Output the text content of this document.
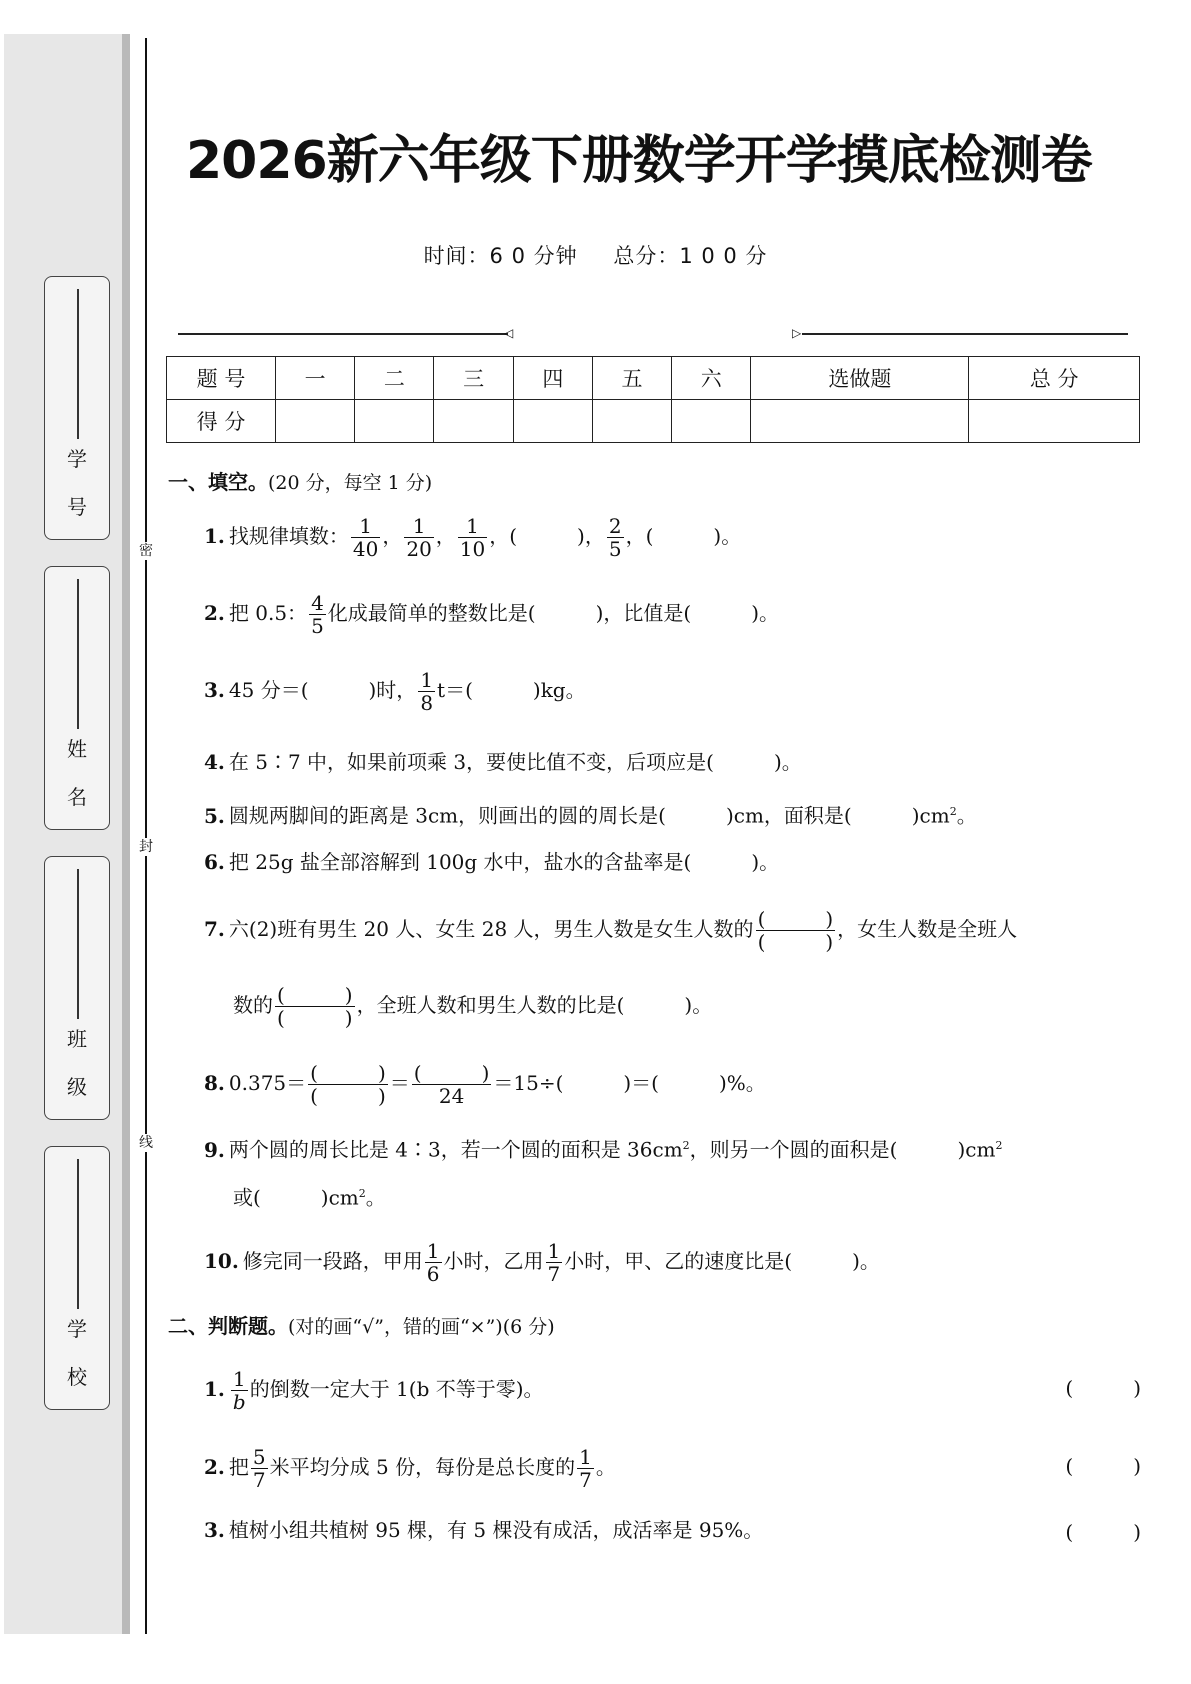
学

号
姓

名
班

级
学

校
密
封
线
2026新六年级下册数学开学摸底检测卷
时间：6 0 分钟 总分：1 0 0 分
◁	▷
题 号	一	二	三	四	五	六	选做题	总 分
得 分								
一、填空。(20 分，每空 1 分)
1. 找规律填数： $\frac{1}{40}$ ， $\frac{1}{20}$ ， $\frac{1}{10}$ ，(　　　)， $\frac{2}{5}$ ，(　　　)。
2. 把 0.5： $\frac{4}{5}$ 化成最简单的整数比是(　　　)，比值是(　　　)。
3. 45 分＝(　　　)时， $\frac{1}{8} t=$(　　　)kg。
4. 在 5∶7 中，如果前项乘 3，要使比值不变，后项应是(　　　)。
5. 圆规两脚间的距离是 3cm，则画出的圆的周长是(　　　)cm，面积是(　　　)$cm^2$。
6. 把 25g 盐全部溶解到 100g 水中，盐水的含盐率是(　　　)。
7. 六(2)班有男生 20 人、女生 28 人，男生人数是女生人数的 $\frac{( )}{( )}$ ，女生人数是全班人
数的 $\frac{( )}{( )}$ ，全班人数和男生人数的比是(　　　)。
8. $0.375= \frac{( )}{( )} = \frac{( )}{24} =15\div$(　　　)＝(　　　)%。
9. 两个圆的周长比是 4∶3，若一个圆的面积是 $36cm^2$，则另一个圆的面积是(　　　)$cm^2$
或(　　　)$cm^2$。
10. 修完同一段路，甲用 $\frac{1}{6}$ 小时，乙用 $\frac{1}{7}$ 小时，甲、乙的速度比是(　　　)。
二、判断题。(对的画“√”，错的画“×”)(6 分)
1. $\frac{1}{b}$ 的倒数一定大于 1(b 不等于零)。	(　　　)
2. 把 $\frac{5}{7}$ 米平均分成 5 份，每份是总长度的 $\frac{1}{7}$ 。	(　　　)
3. 植树小组共植树 95 棵，有 5 棵没有成活，成活率是 95%。	(　　　)
